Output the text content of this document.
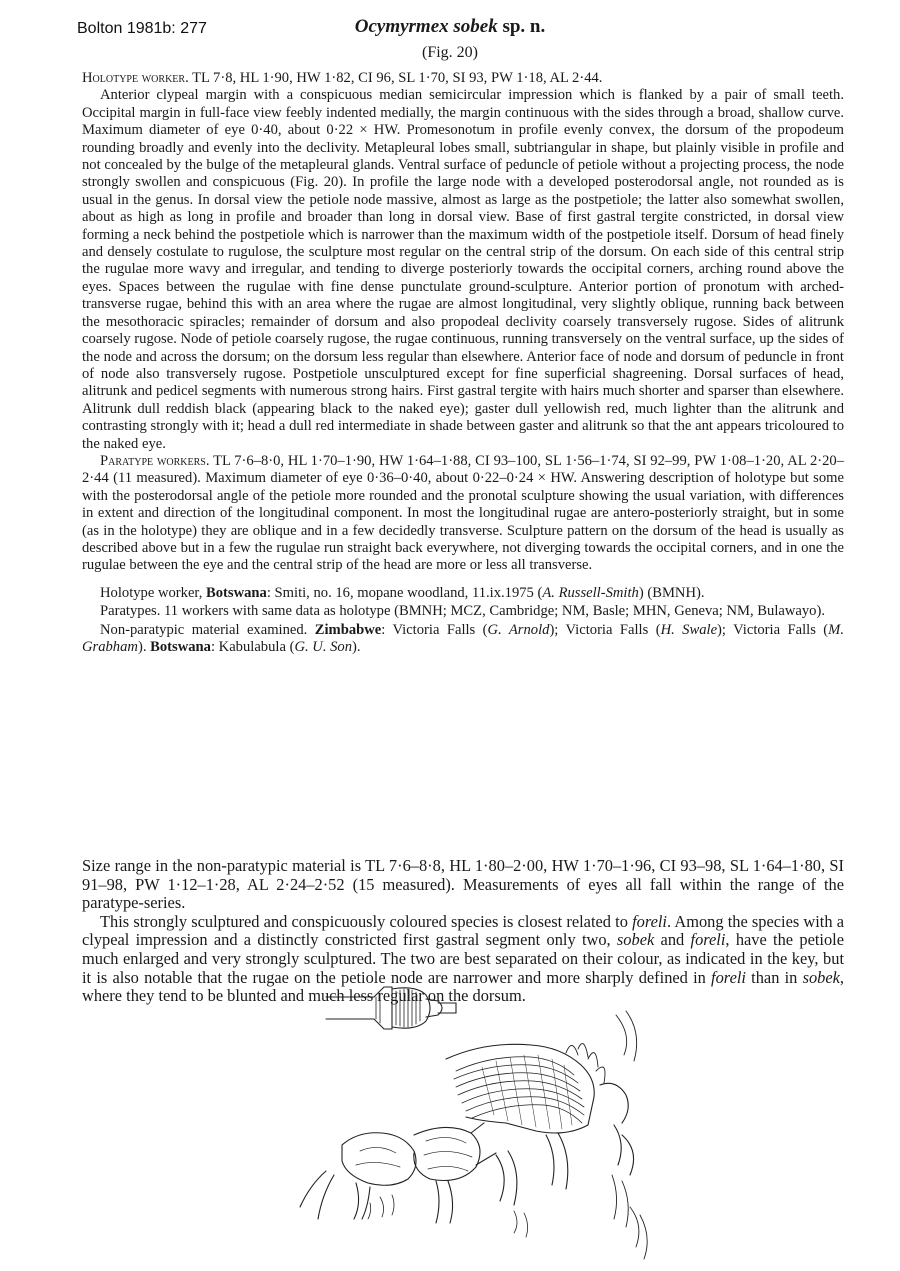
Bolton 1981b: 277	Ocymyrmex sobek sp. n.
(Fig. 20)

Holotype worker. TL 7·8, HL 1·90, HW 1·82, CI 96, SL 1·70, SI 93, PW 1·18, AL 2·44.

Anterior clypeal margin with a conspicuous median semicircular impression which is flanked by a pair of small teeth. Occipital margin in full-face view feebly indented medially, the margin continuous with the sides through a broad, shallow curve. Maximum diameter of eye 0·40, about 0·22 × HW. Promesonotum in profile evenly convex, the dorsum of the propodeum rounding broadly and evenly into the declivity. Metapleural lobes small, subtriangular in shape, but plainly visible in profile and not concealed by the bulge of the metapleural glands. Ventral surface of peduncle of petiole without a projecting process, the node strongly swollen and conspicuous (Fig. 20). In profile the large node with a developed posterodorsal angle, not rounded as is usual in the genus. In dorsal view the petiole node massive, almost as large as the postpetiole; the latter also somewhat swollen, about as high as long in profile and broader than long in dorsal view. Base of first gastral tergite constricted, in dorsal view forming a neck behind the postpetiole which is narrower than the maximum width of the postpetiole itself. Dorsum of head finely and densely costulate to rugulose, the sculpture most regular on the central strip of the dorsum. On each side of this central strip the rugulae more wavy and irregular, and tending to diverge posteriorly towards the occipital corners, arching round above the eyes. Spaces between the rugulae with fine dense punctulate ground-sculpture. Anterior portion of pronotum with arched-transverse rugae, behind this with an area where the rugae are almost longitudinal, very slightly oblique, running back between the mesothoracic spiracles; remainder of dorsum and also propodeal declivity coarsely transversely rugose. Sides of alitrunk coarsely rugose. Node of petiole coarsely rugose, the rugae continuous, running transversely on the ventral surface, up the sides of the node and across the dorsum; on the dorsum less regular than elsewhere. Anterior face of node and dorsum of peduncle in front of node also transversely rugose. Postpetiole unsculptured except for fine superficial shagreening. Dorsal surfaces of head, alitrunk and pedicel segments with numerous strong hairs. First gastral tergite with hairs much shorter and sparser than elsewhere. Alitrunk dull reddish black (appearing black to the naked eye); gaster dull yellowish red, much lighter than the alitrunk and contrasting strongly with it; head a dull red intermediate in shade between gaster and alitrunk so that the ant appears tricoloured to the naked eye.

Paratype workers. TL 7·6–8·0, HL 1·70–1·90, HW 1·64–1·88, CI 93–100, SL 1·56–1·74, SI 92–99, PW 1·08–1·20, AL 2·20–2·44 (11 measured). Maximum diameter of eye 0·36–0·40, about 0·22–0·24 × HW. Answering description of holotype but some with the posterodorsal angle of the petiole more rounded and the pronotal sculpture showing the usual variation, with differences in extent and direction of the longitudinal component. In most the longitudinal rugae are antero-posteriorly straight, but in some (as in the holotype) they are oblique and in a few decidedly transverse. Sculpture pattern on the dorsum of the head is usually as described above but in a few the rugulae run straight back everywhere, not diverging towards the occipital corners, and in one the rugulae between the eye and the central strip of the head are more or less all transverse.

Holotype worker, Botswana: Smiti, no. 16, mopane woodland, 11.ix.1975 (A. Russell-Smith) (BMNH).

Paratypes. 11 workers with same data as holotype (BMNH; MCZ, Cambridge; NM, Basle; MHN, Geneva; NM, Bulawayo).

Non-paratypic material examined. Zimbabwe: Victoria Falls (G. Arnold); Victoria Falls (H. Swale); Victoria Falls (M. Grabham). Botswana: Kabulabula (G. U. Son).

Size range in the non-paratypic material is TL 7·6–8·8, HL 1·80–2·00, HW 1·70–1·96, CI 93–98, SL 1·64–1·80, SI 91–98, PW 1·12–1·28, AL 2·24–2·52 (15 measured). Measurements of eyes all fall within the range of the paratype-series.

This strongly sculptured and conspicuously coloured species is closest related to foreli. Among the species with a clypeal impression and a distinctly constricted first gastral segment only two, sobek and foreli, have the petiole much enlarged and very strongly sculptured. The two are best separated on their colour, as indicated in the key, but it is also notable that the rugae on the petiole node are narrower and more sharply defined in foreli than in sobek, where they tend to be blunted and much less regular on the dorsum.
